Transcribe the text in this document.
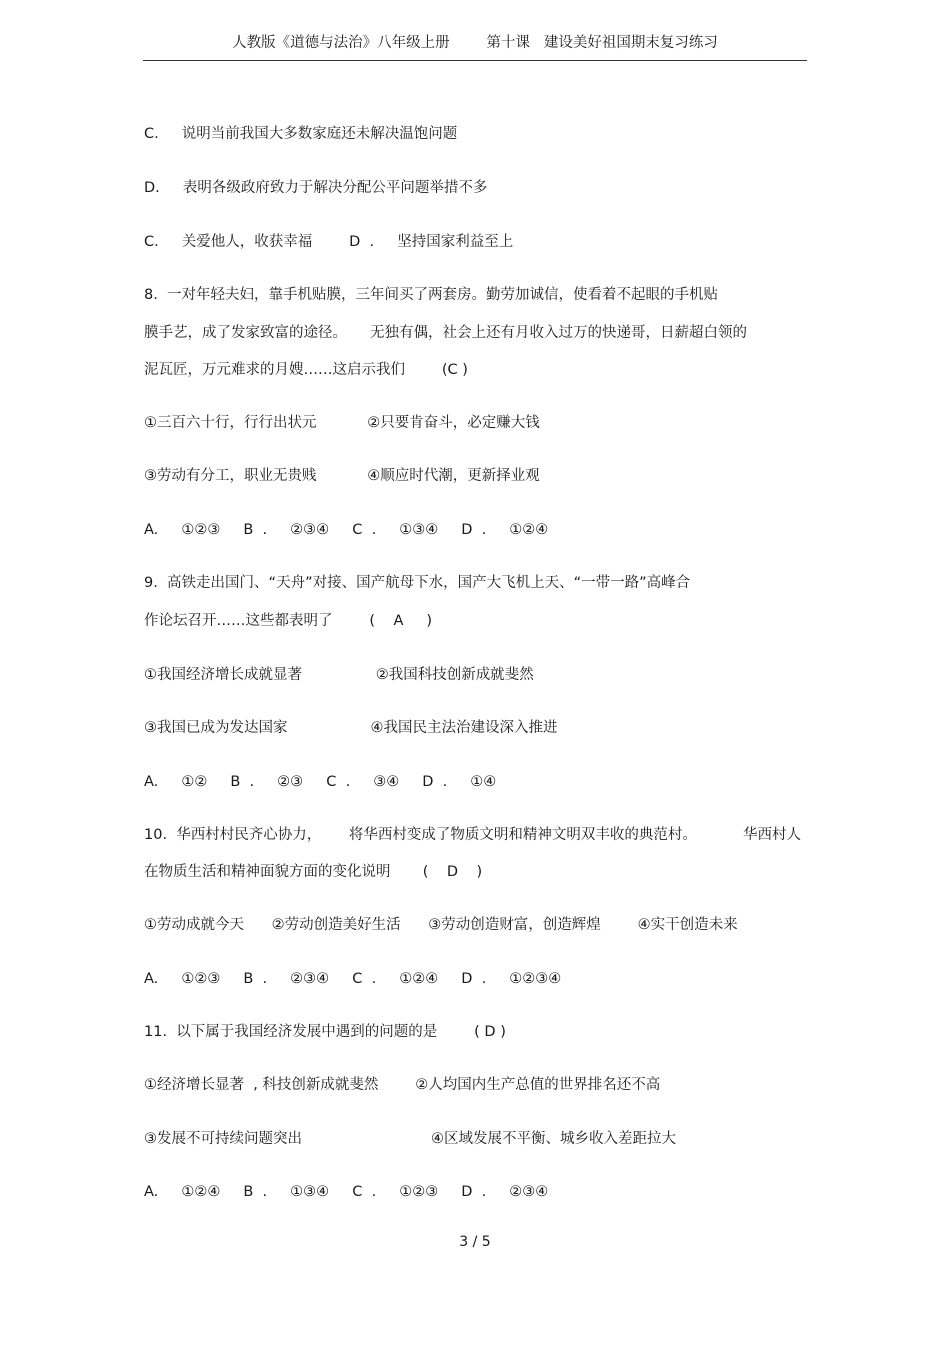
人教版《道德与法治》八年级上册        第十课   建设美好祖国期末复习练习
C.     说明当前我国大多数家庭还未解决温饱问题
D.     表明各级政府致力于解决分配公平问题举措不多
C.     关爱他人，收获幸福        D  .     坚持国家利益至上
8.  一对年轻夫妇，靠手机贴膜，三年间买了两套房。勤劳加诚信，使看着不起眼的手机贴
膜手艺，成了发家致富的途径。     无独有偶，社会上还有月收入过万的快递哥，日薪超白领的
泥瓦匠，万元难求的月嫂……这启示我们        (C )
①三百六十行，行行出状元           ②只要肯奋斗，必定赚大钱
③劳动有分工，职业无贵贱           ④顺应时代潮，更新择业观
A.     ①②③     B  .     ②③④     C  .     ①③④     D  .     ①②④
9.  高铁走出国门、“天舟”对接、国产航母下水，国产大飞机上天、“一带一路”高峰合
作论坛召开……这些都表明了        (    A     )
①我国经济增长成就显著                ②我国科技创新成就斐然
③我国已成为发达国家                  ④我国民主法治建设深入推进
A.     ①②     B  .     ②③     C  .     ③④     D  .     ①④
10.  华西村村民齐心协力，      将华西村变成了物质文明和精神文明双丰收的典范村。          华西村人
在物质生活和精神面貌方面的变化说明       (    D    )
①劳动成就今天      ②劳动创造美好生活      ③劳动创造财富，创造辉煌        ④实干创造未来
A.     ①②③     B  .     ②③④     C  .     ①②④     D  .     ①②③④
11.  以下属于我国经济发展中遇到的问题的是        ( D )
①经济增长显著  , 科技创新成就斐然        ②人均国内生产总值的世界排名还不高
③发展不可持续问题突出                            ④区域发展不平衡、城乡收入差距拉大
A.     ①②④     B  .     ①③④     C  .     ①②③     D  .     ②③④
3 / 5
